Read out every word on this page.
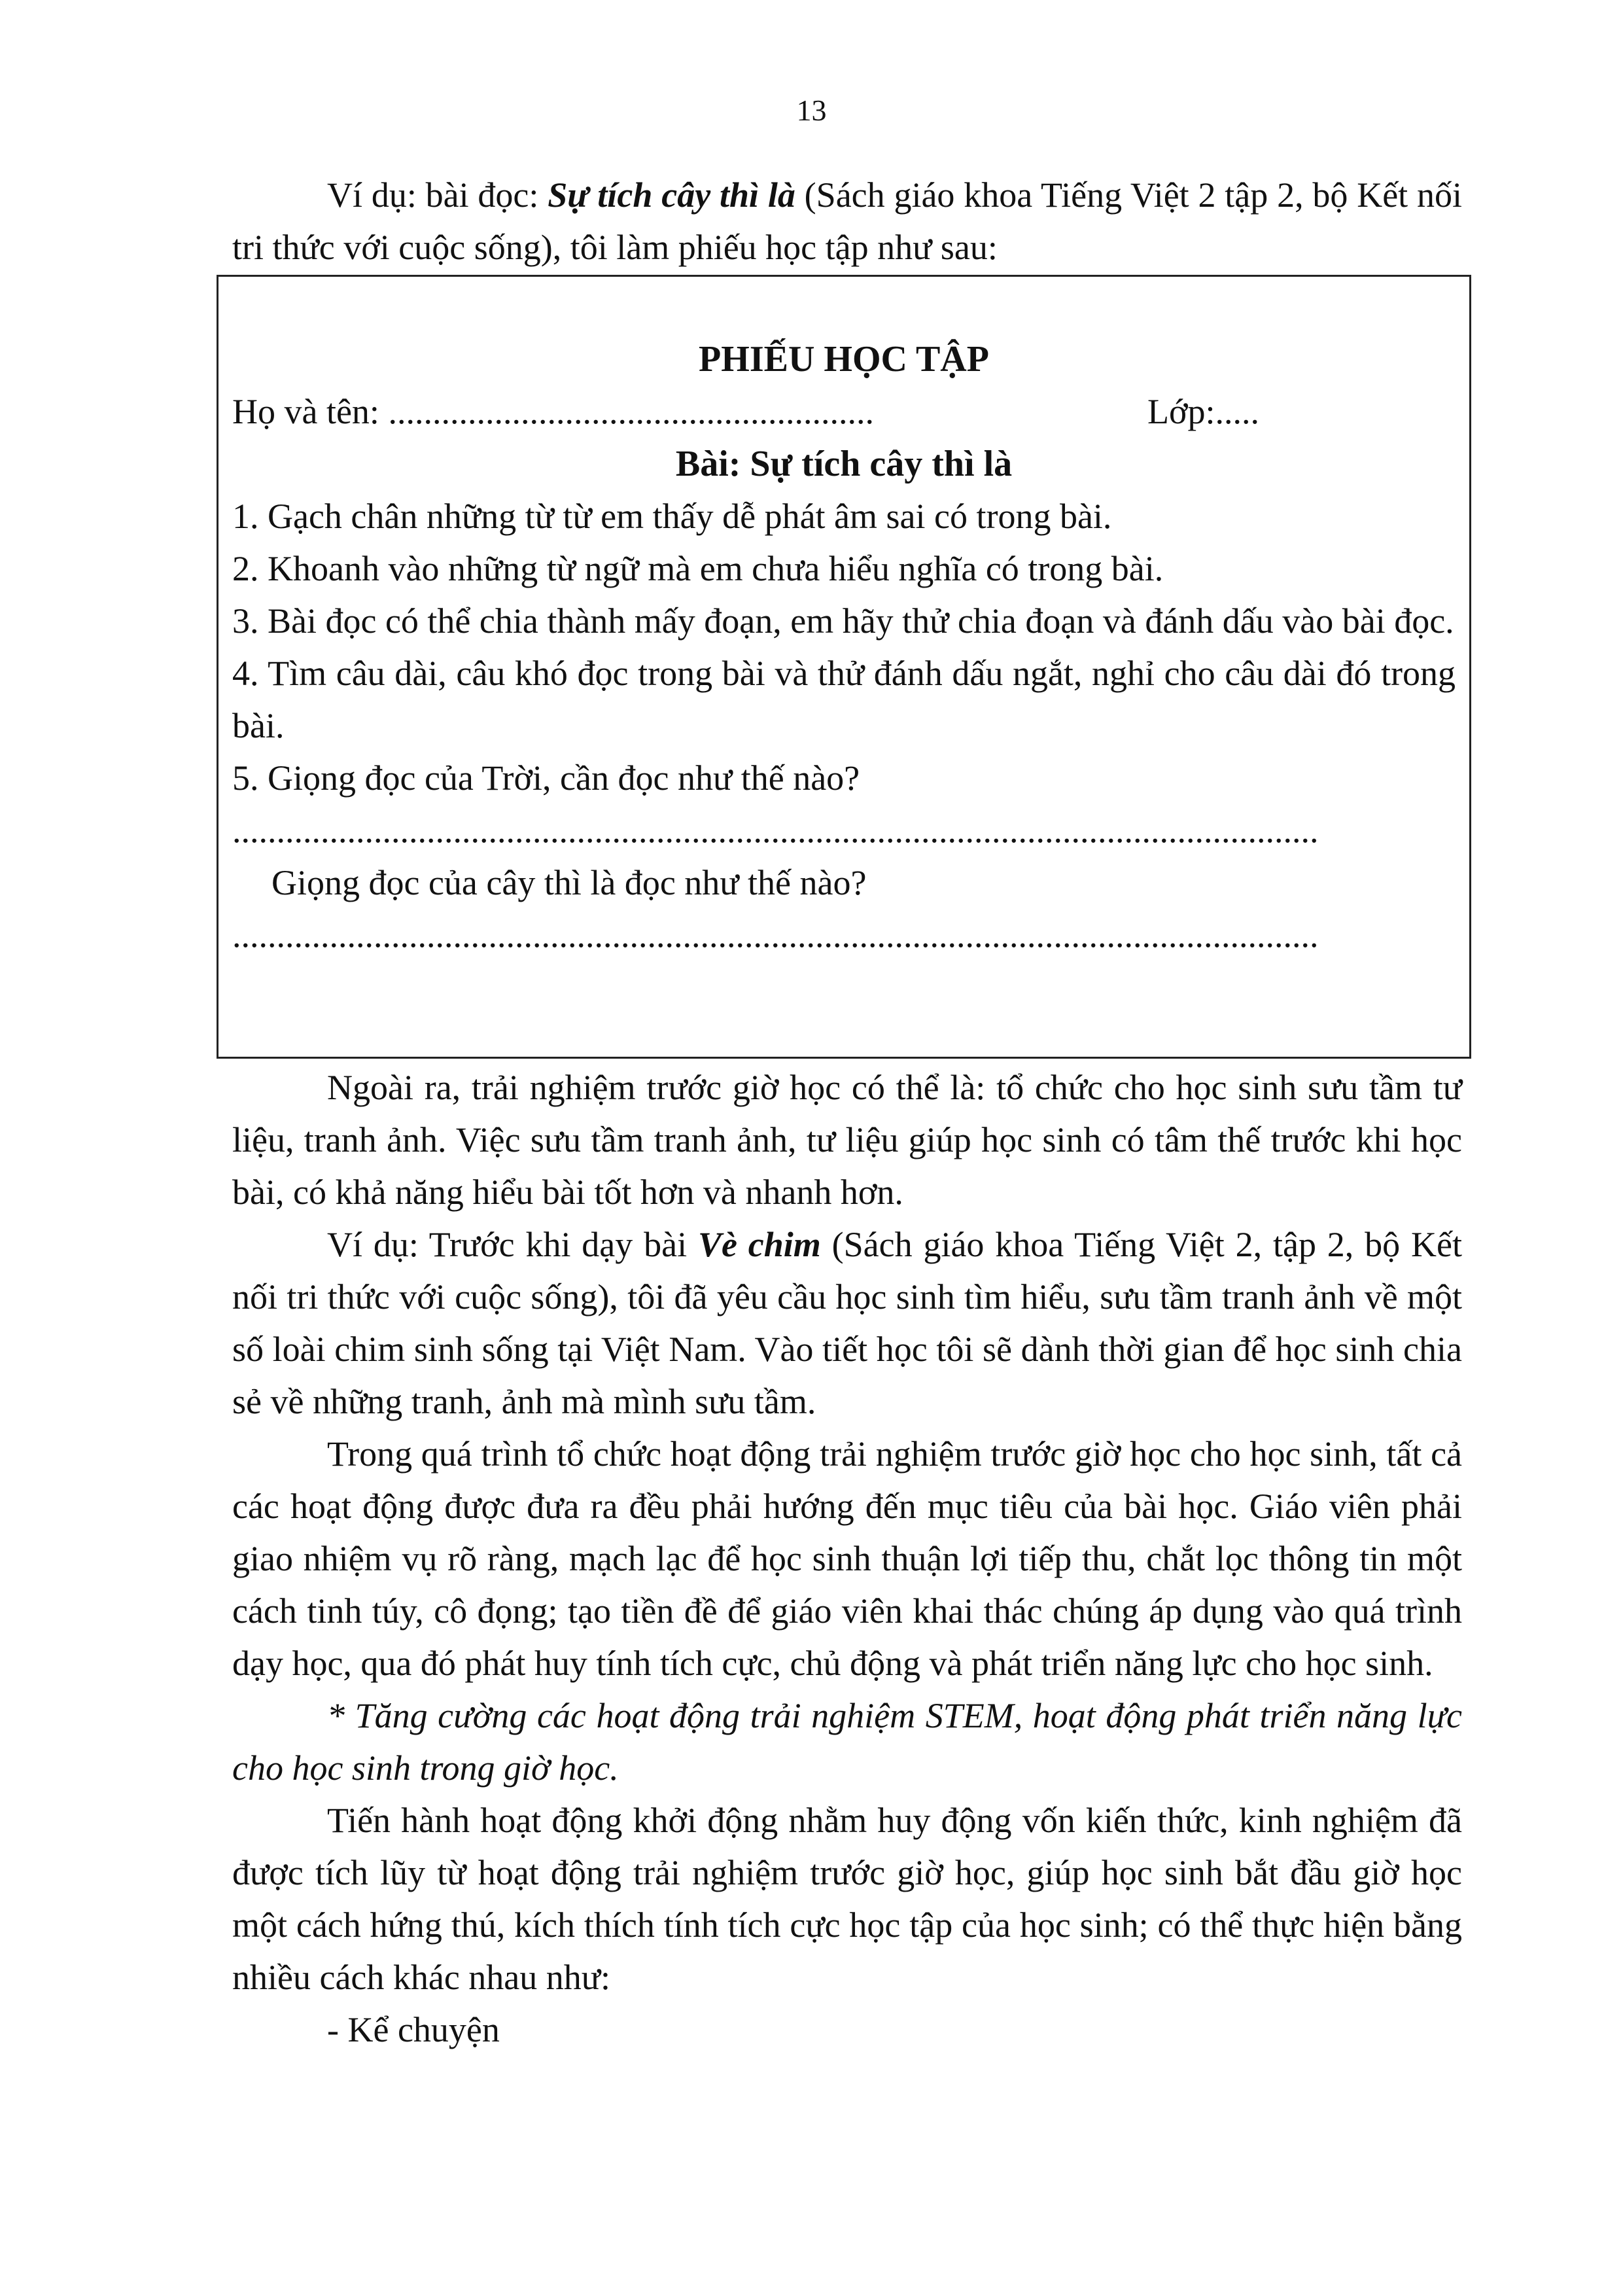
13

Ví dụ: bài đọc: Sự tích cây thì là (Sách giáo khoa Tiếng Việt 2 tập 2, bộ Kết nối tri thức với cuộc sống), tôi làm phiếu học tập như sau:

PHIẾU HỌC TẬP

Họ và tên: .......................................................	Lớp:.....

Bài: Sự tích cây thì là

1. Gạch chân những từ từ em thấy dễ phát âm sai có trong bài.

2. Khoanh vào những từ ngữ mà em chưa hiểu nghĩa có trong bài.

3. Bài đọc có thể chia thành mấy đoạn, em hãy thử chia đoạn và đánh dấu vào bài đọc.

4. Tìm câu dài, câu khó đọc trong bài và thử đánh dấu ngắt, nghỉ cho câu dài đó trong bài.

5. Giọng đọc của Trời, cần đọc như thế nào?

...........................................................................................................................

Giọng đọc của cây thì là đọc như thế nào?

...........................................................................................................................

Ngoài ra, trải nghiệm trước giờ học có thể là: tổ chức cho học sinh sưu tầm tư liệu, tranh ảnh. Việc sưu tầm tranh ảnh, tư liệu giúp học sinh có tâm thế trước khi học bài, có khả năng hiểu bài tốt hơn và nhanh hơn.

Ví dụ: Trước khi dạy bài Vè chim (Sách giáo khoa Tiếng Việt 2, tập 2, bộ Kết nối tri thức với cuộc sống), tôi đã yêu cầu học sinh tìm hiểu, sưu tầm tranh ảnh về một số loài chim sinh sống tại Việt Nam. Vào tiết học tôi sẽ dành thời gian để học sinh chia sẻ về những tranh, ảnh mà mình sưu tầm.

Trong quá trình tổ chức hoạt động trải nghiệm trước giờ học cho học sinh, tất cả các hoạt động được đưa ra đều phải hướng đến mục tiêu của bài học. Giáo viên phải giao nhiệm vụ rõ ràng, mạch lạc để học sinh thuận lợi tiếp thu, chắt lọc thông tin một cách tinh túy, cô đọng; tạo tiền đề để giáo viên khai thác chúng áp dụng vào quá trình dạy học, qua đó phát huy tính tích cực, chủ động và phát triển năng lực cho học sinh.

* Tăng cường các hoạt động trải nghiệm STEM, hoạt động phát triển năng lực cho học sinh trong giờ học.

Tiến hành hoạt động khởi động nhằm huy động vốn kiến thức, kinh nghiệm đã được tích lũy từ hoạt động trải nghiệm trước giờ học, giúp học sinh bắt đầu giờ học một cách hứng thú, kích thích tính tích cực học tập của học sinh; có thể thực hiện bằng nhiều cách khác nhau như:

- Kể chuyện
